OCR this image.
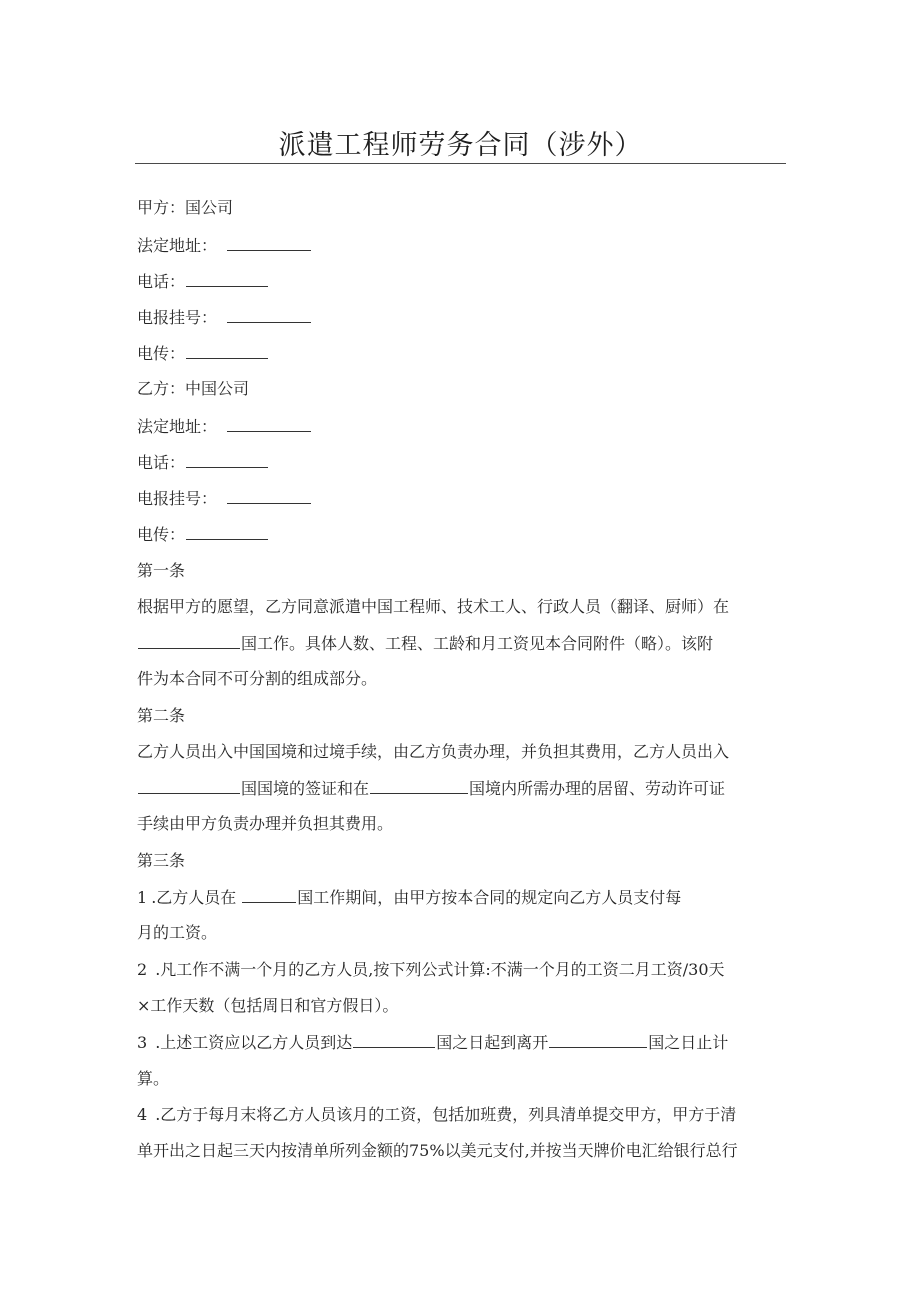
派遣工程师劳务合同（涉外）
甲方：国公司
法定地址：
电话：
电报挂号：
电传：
乙方：中国公司
法定地址：
电话：
电报挂号：
电传：
第一条
根据甲方的愿望，乙方同意派遣中国工程师、技术工人、行政人员（翻译、厨师）在
国工作。具体人数、工程、工龄和月工资见本合同附件（略）。该附
件为本合同不可分割的组成部分。
第二条
乙方人员出入中国国境和过境手续，由乙方负责办理，并负担其费用，乙方人员出入
国国境的签证和在	国境内所需办理的居留、劳动许可证
手续由甲方负责办理并负担其费用。
第三条
1 .乙方人员在	国工作期间，由甲方按本合同的规定向乙方人员支付每
月的工资。
2 .凡工作不满一个月的乙方人员,按下列公式计算:不满一个月的工资二月工资/30天
×工作天数（包括周日和官方假日）。
3 .上述工资应以乙方人员到达	国之日起到离开	国之日止计
算。
4 .乙方于每月末将乙方人员该月的工资，包括加班费，列具清单提交甲方，甲方于清
单开出之日起三天内按清单所列金额的75%以美元支付,并按当天牌价电汇给银行总行
